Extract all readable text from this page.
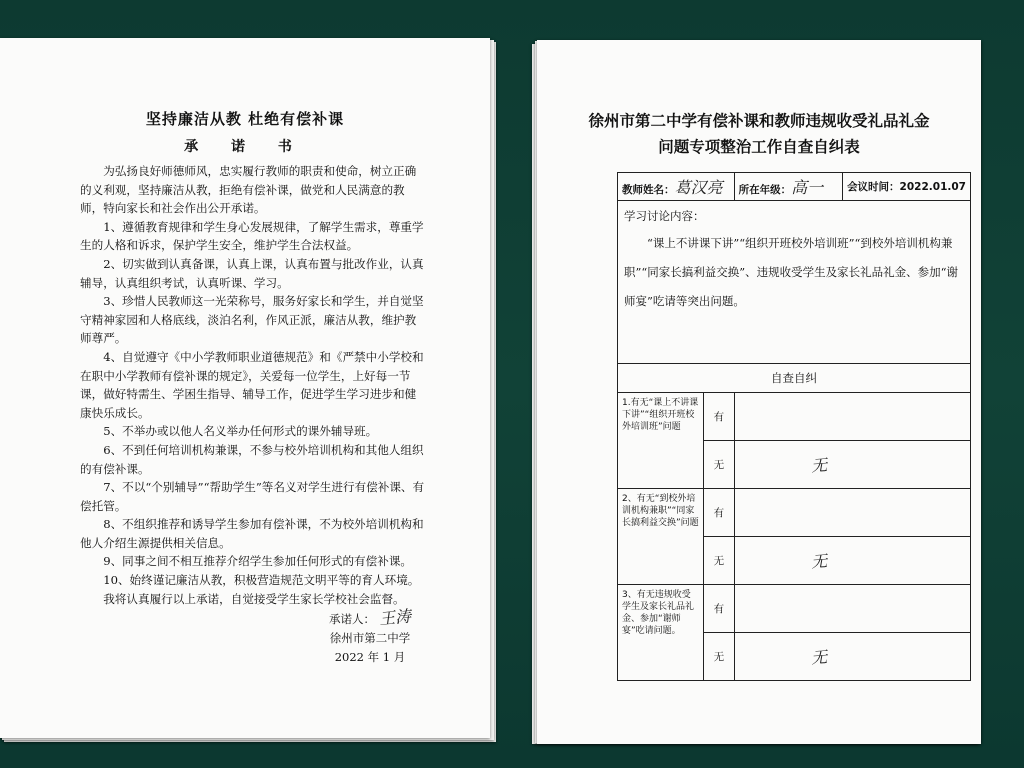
坚持廉洁从教 杜绝有偿补课
承 诺 书

为弘扬良好师德师风，忠实履行教师的职责和使命，树立正确的义利观，坚持廉洁从教，拒绝有偿补课，做党和人民满意的教师，特向家长和社会作出公开承诺。

1、遵循教育规律和学生身心发展规律，了解学生需求，尊重学生的人格和诉求，保护学生安全，维护学生合法权益。

2、切实做到认真备课，认真上课，认真布置与批改作业，认真辅导，认真组织考试，认真听课、学习。

3、珍惜人民教师这一光荣称号，服务好家长和学生，并自觉坚守精神家园和人格底线，淡泊名利，作风正派，廉洁从教，维护教师尊严。

4、自觉遵守《中小学教师职业道德规范》和《严禁中小学校和在职中小学教师有偿补课的规定》，关爱每一位学生，上好每一节课，做好特需生、学困生指导、辅导工作，促进学生学习进步和健康快乐成长。

5、不举办或以他人名义举办任何形式的课外辅导班。

6、不到任何培训机构兼课，不参与校外培训机构和其他人组织的有偿补课。

7、不以“个别辅导”“帮助学生”等名义对学生进行有偿补课、有偿托管。

8、不组织推荐和诱导学生参加有偿补课，不为校外培训机构和他人介绍生源提供相关信息。

9、同事之间不相互推荐介绍学生参加任何形式的有偿补课。

10、始终谨记廉洁从教，积极营造规范文明平等的育人环境。

我将认真履行以上承诺，自觉接受学生家长学校社会监督。

承诺人： 王涛
徐州市第二中学
2022 年 1 月
徐州市第二中学有偿补课和教师违规收受礼品礼金
问题专项整治工作自查自纠表
教师姓名：葛汉亮		所在年级：高一	会议时间：2022.01.07

学习讨论内容：
“课上不讲课下讲”“组织开班校外培训班”“到校外培训机构兼职”“同家长搞利益交换”、违规收受学生及家长礼品礼金、参加“谢师宴”吃请等突出问题。			

自查自纠			
1.有无“课上不讲课下讲”“组织开班校外培训班”问题	有		
	无	无	
2、有无“到校外培训机构兼职”“同家长搞利益交换”问题	有		
	无	无	
3、有无违规收受学生及家长礼品礼金、参加“谢师宴”吃请问题。	有		
	无	无	
